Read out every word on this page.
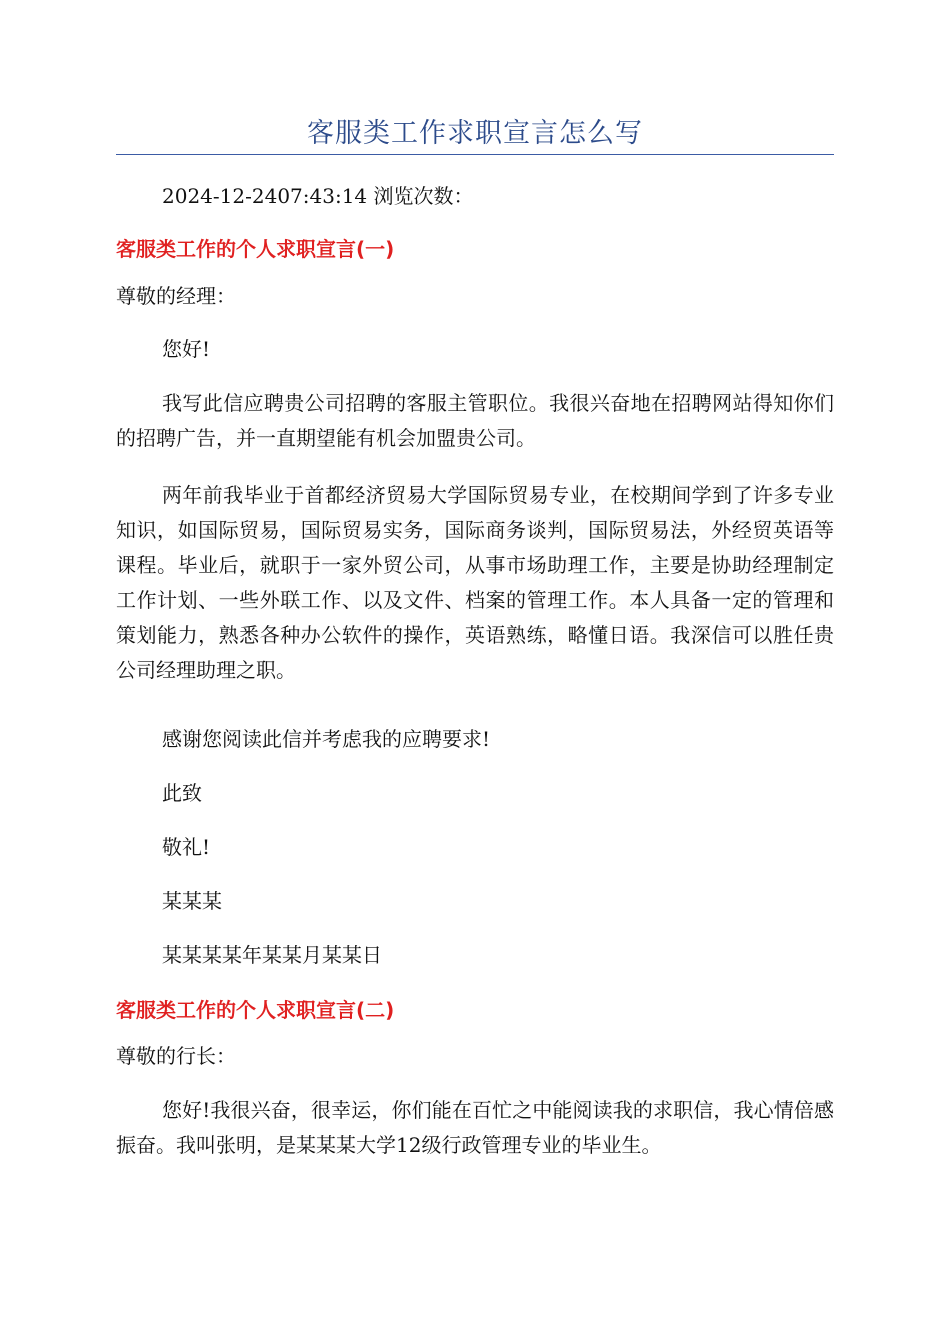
客服类工作求职宣言怎么写

2024-12-2407:43:14 浏览次数：

客服类工作的个人求职宣言(一)

尊敬的经理：

您好!

我写此信应聘贵公司招聘的客服主管职位。我很兴奋地在招聘网站得知你们的招聘广告，并一直期望能有机会加盟贵公司。

两年前我毕业于首都经济贸易大学国际贸易专业，在校期间学到了许多专业知识，如国际贸易，国际贸易实务，国际商务谈判，国际贸易法，外经贸英语等课程。毕业后，就职于一家外贸公司，从事市场助理工作，主要是协助经理制定工作计划、一些外联工作、以及文件、档案的管理工作。本人具备一定的管理和策划能力，熟悉各种办公软件的操作，英语熟练，略懂日语。我深信可以胜任贵公司经理助理之职。

感谢您阅读此信并考虑我的应聘要求!

此致

敬礼!

某某某

某某某某年某某月某某日

客服类工作的个人求职宣言(二)

尊敬的行长：

您好!我很兴奋，很幸运，你们能在百忙之中能阅读我的求职信，我心情倍感振奋。我叫张明，是某某某大学12级行政管理专业的毕业生。
